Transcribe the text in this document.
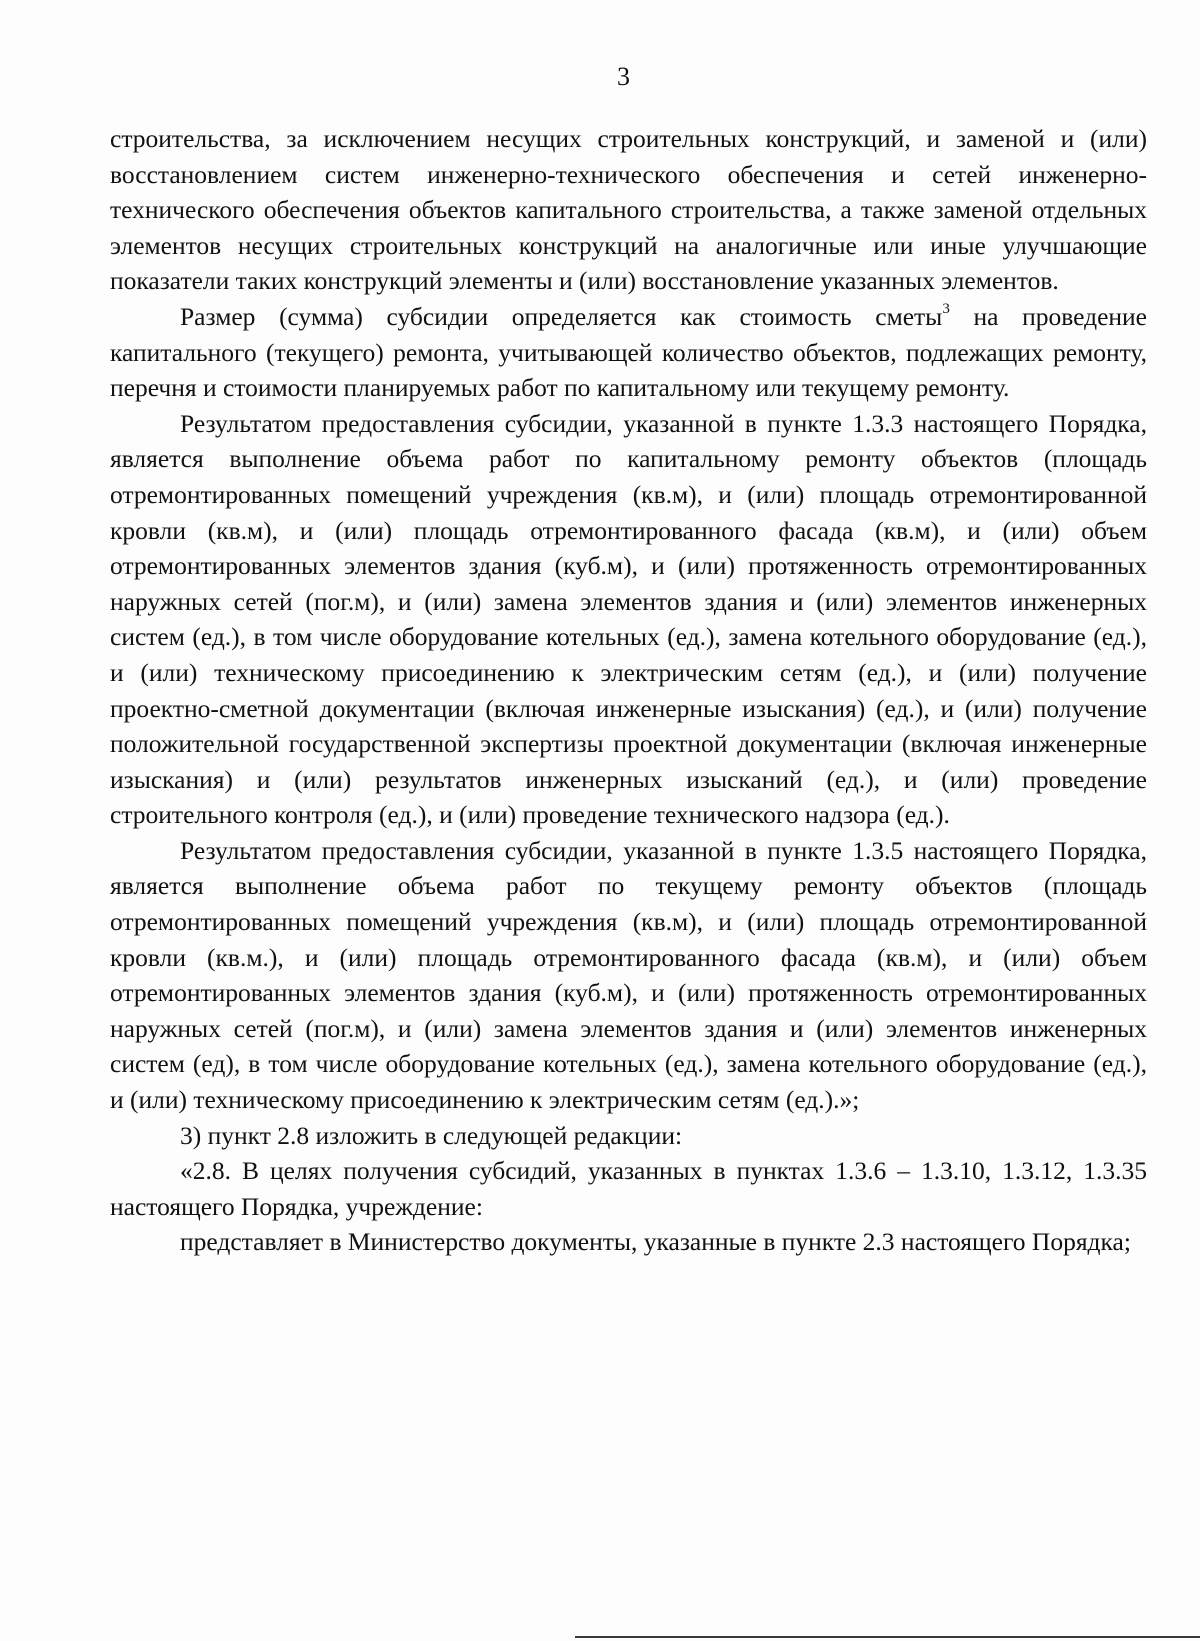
3

строительства, за исключением несущих строительных конструкций, и заменой и (или) восстановлением систем инженерно-технического обеспечения и сетей инженерно-технического обеспечения объектов капитального строительства, а также заменой отдельных элементов несущих строительных конструкций на аналогичные или иные улучшающие показатели таких конструкций элементы и (или) восстановление указанных элементов.

Размер (сумма) субсидии определяется как стоимость сметы$^3$ на проведение капитального (текущего) ремонта, учитывающей количество объектов, подлежащих ремонту, перечня и стоимости планируемых работ по капитальному или текущему ремонту.

Результатом предоставления субсидии, указанной в пункте 1.3.3 настоящего Порядка, является выполнение объема работ по капитальному ремонту объектов (площадь отремонтированных помещений учреждения (кв.м), и (или) площадь отремонтированной кровли (кв.м), и (или) площадь отремонтированного фасада (кв.м), и (или) объем отремонтированных элементов здания (куб.м), и (или) протяженность отремонтированных наружных сетей (пог.м), и (или) замена элементов здания и (или) элементов инженерных систем (ед.), в том числе оборудование котельных (ед.), замена котельного оборудование (ед.), и (или) техническому присоединению к электрическим сетям (ед.), и (или) получение проектно-сметной документации (включая инженерные изыскания) (ед.), и (или) получение положительной государственной экспертизы проектной документации (включая инженерные изыскания) и (или) результатов инженерных изысканий (ед.), и (или) проведение строительного контроля (ед.), и (или) проведение технического надзора (ед.).

Результатом предоставления субсидии, указанной в пункте 1.3.5 настоящего Порядка, является выполнение объема работ по текущему ремонту объектов (площадь отремонтированных помещений учреждения (кв.м), и (или) площадь отремонтированной кровли (кв.м.), и (или) площадь отремонтированного фасада (кв.м), и (или) объем отремонтированных элементов здания (куб.м), и (или) протяженность отремонтированных наружных сетей (пог.м), и (или) замена элементов здания и (или) элементов инженерных систем (ед), в том числе оборудование котельных (ед.), замена котельного оборудование (ед.), и (или) техническому присоединению к электрическим сетям (ед.).»;

3) пункт 2.8 изложить в следующей редакции:

«2.8. В целях получения субсидий, указанных в пунктах 1.3.6 – 1.3.10, 1.3.12, 1.3.35 настоящего Порядка, учреждение:

представляет в Министерство документы, указанные в пункте 2.3 настоящего Порядка;
